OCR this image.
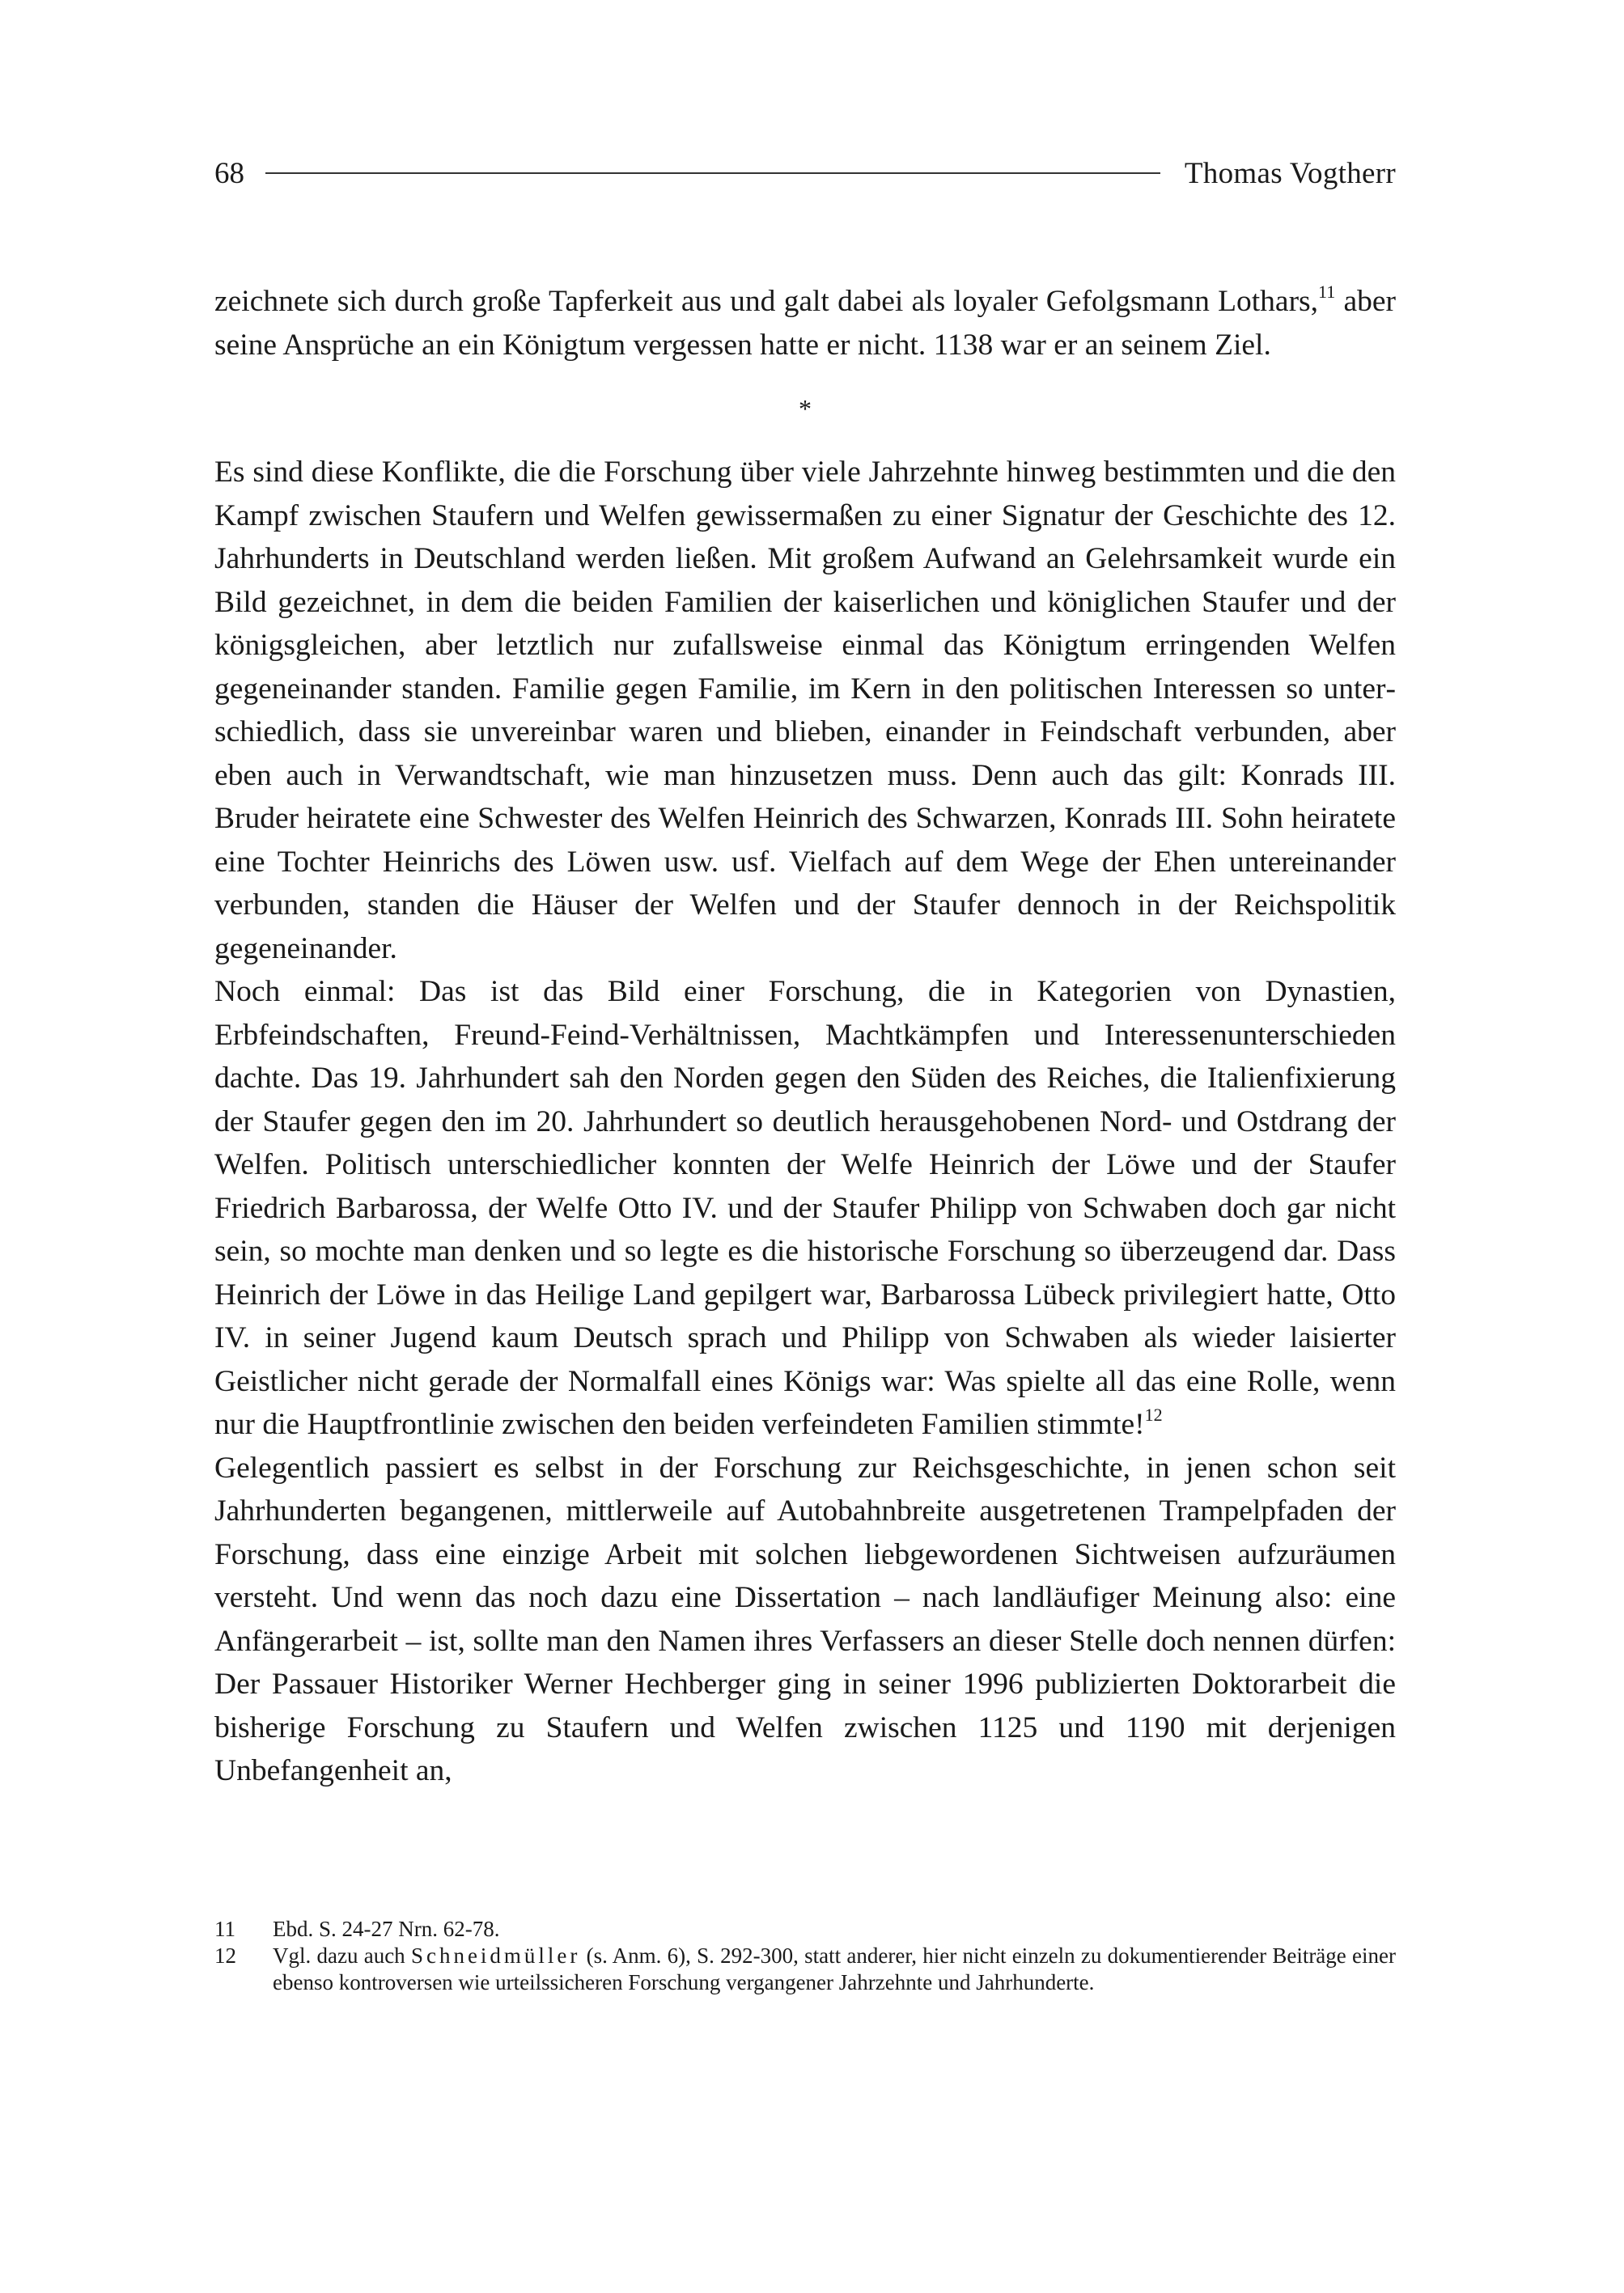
68	Thomas Vogtherr

zeichnete sich durch große Tapferkeit aus und galt dabei als loyaler Gefolgsmann Lothars,$^{11}$ aber seine Ansprüche an ein Königtum vergessen hatte er nicht. 1138 war er an seinem Ziel.

*

Es sind diese Konflikte, die die Forschung über viele Jahrzehnte hinweg bestimmten und die den Kampf zwischen Staufern und Welfen gewissermaßen zu einer Signatur der Geschichte des 12. Jahrhunderts in Deutschland werden ließen. Mit großem Aufwand an Gelehrsamkeit wurde ein Bild gezeichnet, in dem die beiden Familien der kaiserlichen und königlichen Staufer und der königsgleichen, aber letztlich nur zufallsweise einmal das Königtum erringenden Welfen gegeneinander standen. Familie gegen Familie, im Kern in den politischen Interessen so unterschiedlich, dass sie unvereinbar waren und blieben, einander in Feindschaft verbunden, aber eben auch in Verwandtschaft, wie man hinzusetzen muss. Denn auch das gilt: Konrads III. Bruder heiratete eine Schwester des Welfen Heinrich des Schwarzen, Konrads III. Sohn heiratete eine Tochter Heinrichs des Löwen usw. usf. Vielfach auf dem Wege der Ehen untereinander verbunden, standen die Häuser der Welfen und der Staufer dennoch in der Reichspolitik gegeneinander.

Noch einmal: Das ist das Bild einer Forschung, die in Kategorien von Dynastien, Erbfeindschaften, Freund-Feind-Verhältnissen, Machtkämpfen und Interessenunterschieden dachte. Das 19. Jahrhundert sah den Norden gegen den Süden des Reiches, die Italienfixierung der Staufer gegen den im 20. Jahrhundert so deutlich herausgehobenen Nord- und Ostdrang der Welfen. Politisch unterschiedlicher konnten der Welfe Heinrich der Löwe und der Staufer Friedrich Barbarossa, der Welfe Otto IV. und der Staufer Philipp von Schwaben doch gar nicht sein, so mochte man denken und so legte es die historische Forschung so überzeugend dar. Dass Heinrich der Löwe in das Heilige Land gepilgert war, Barbarossa Lübeck privilegiert hatte, Otto IV. in seiner Jugend kaum Deutsch sprach und Philipp von Schwaben als wieder laisierter Geistlicher nicht gerade der Normalfall eines Königs war: Was spielte all das eine Rolle, wenn nur die Hauptfrontlinie zwischen den beiden verfeindeten Familien stimmte!$^{12}$

Gelegentlich passiert es selbst in der Forschung zur Reichsgeschichte, in jenen schon seit Jahrhunderten begangenen, mittlerweile auf Autobahnbreite ausgetretenen Trampelpfaden der Forschung, dass eine einzige Arbeit mit solchen liebgewordenen Sichtweisen aufzuräumen versteht. Und wenn das noch dazu eine Dissertation – nach landläufiger Meinung also: eine Anfängerarbeit – ist, sollte man den Namen ihres Verfassers an dieser Stelle doch nennen dürfen: Der Passauer Historiker Werner Hechberger ging in seiner 1996 publizierten Doktorarbeit die bisherige Forschung zu Staufern und Welfen zwischen 1125 und 1190 mit derjenigen Unbefangenheit an,

11	Ebd. S. 24-27 Nrn. 62-78.
12	Vgl. dazu auch Schneidmüller (s. Anm. 6), S. 292-300, statt anderer, hier nicht einzeln zu dokumentierender Beiträge einer ebenso kontroversen wie urteilssicheren Forschung vergangener Jahrzehnte und Jahrhunderte.
